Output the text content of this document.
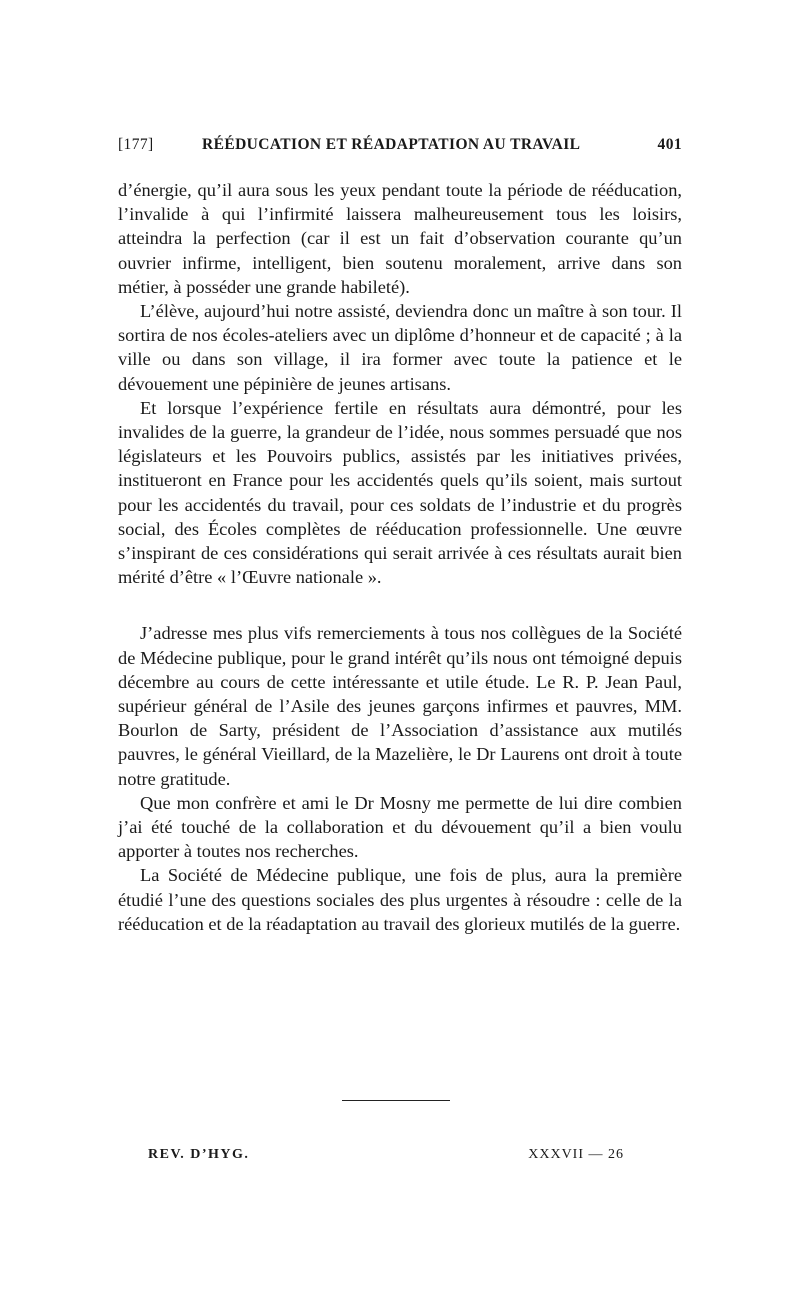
[177]	RÉÉDUCATION ET RÉADAPTATION AU TRAVAIL	401

d’énergie, qu’il aura sous les yeux pendant toute la période de rééducation, l’invalide à qui l’infirmité laissera malheureusement tous les loisirs, atteindra la perfection (car il est un fait d’observation courante qu’un ouvrier infirme, intelligent, bien soutenu moralement, arrive dans son métier, à posséder une grande habileté).

L’élève, aujourd’hui notre assisté, deviendra donc un maître à son tour. Il sortira de nos écoles-ateliers avec un diplôme d’honneur et de capacité ; à la ville ou dans son village, il ira former avec toute la patience et le dévouement une pépinière de jeunes artisans.

Et lorsque l’expérience fertile en résultats aura démontré, pour les invalides de la guerre, la grandeur de l’idée, nous sommes persuadé que nos législateurs et les Pouvoirs publics, assistés par les initiatives privées, institueront en France pour les accidentés quels qu’ils soient, mais surtout pour les accidentés du travail, pour ces soldats de l’industrie et du progrès social, des Écoles complètes de rééducation professionnelle. Une œuvre s’inspirant de ces considérations qui serait arrivée à ces résultats aurait bien mérité d’être « l’Œuvre nationale ».

J’adresse mes plus vifs remerciements à tous nos collègues de la Société de Médecine publique, pour le grand intérêt qu’ils nous ont témoigné depuis décembre au cours de cette intéressante et utile étude. Le R. P. Jean Paul, supérieur général de l’Asile des jeunes garçons infirmes et pauvres, MM. Bourlon de Sarty, président de l’Association d’assistance aux mutilés pauvres, le général Vieillard, de la Mazelière, le Dr Laurens ont droit à toute notre gratitude.

Que mon confrère et ami le Dr Mosny me permette de lui dire combien j’ai été touché de la collaboration et du dévouement qu’il a bien voulu apporter à toutes nos recherches.

La Société de Médecine publique, une fois de plus, aura la première étudié l’une des questions sociales des plus urgentes à résoudre : celle de la rééducation et de la réadaptation au travail des glorieux mutilés de la guerre.

REV. D’HYG.	XXXVII — 26
